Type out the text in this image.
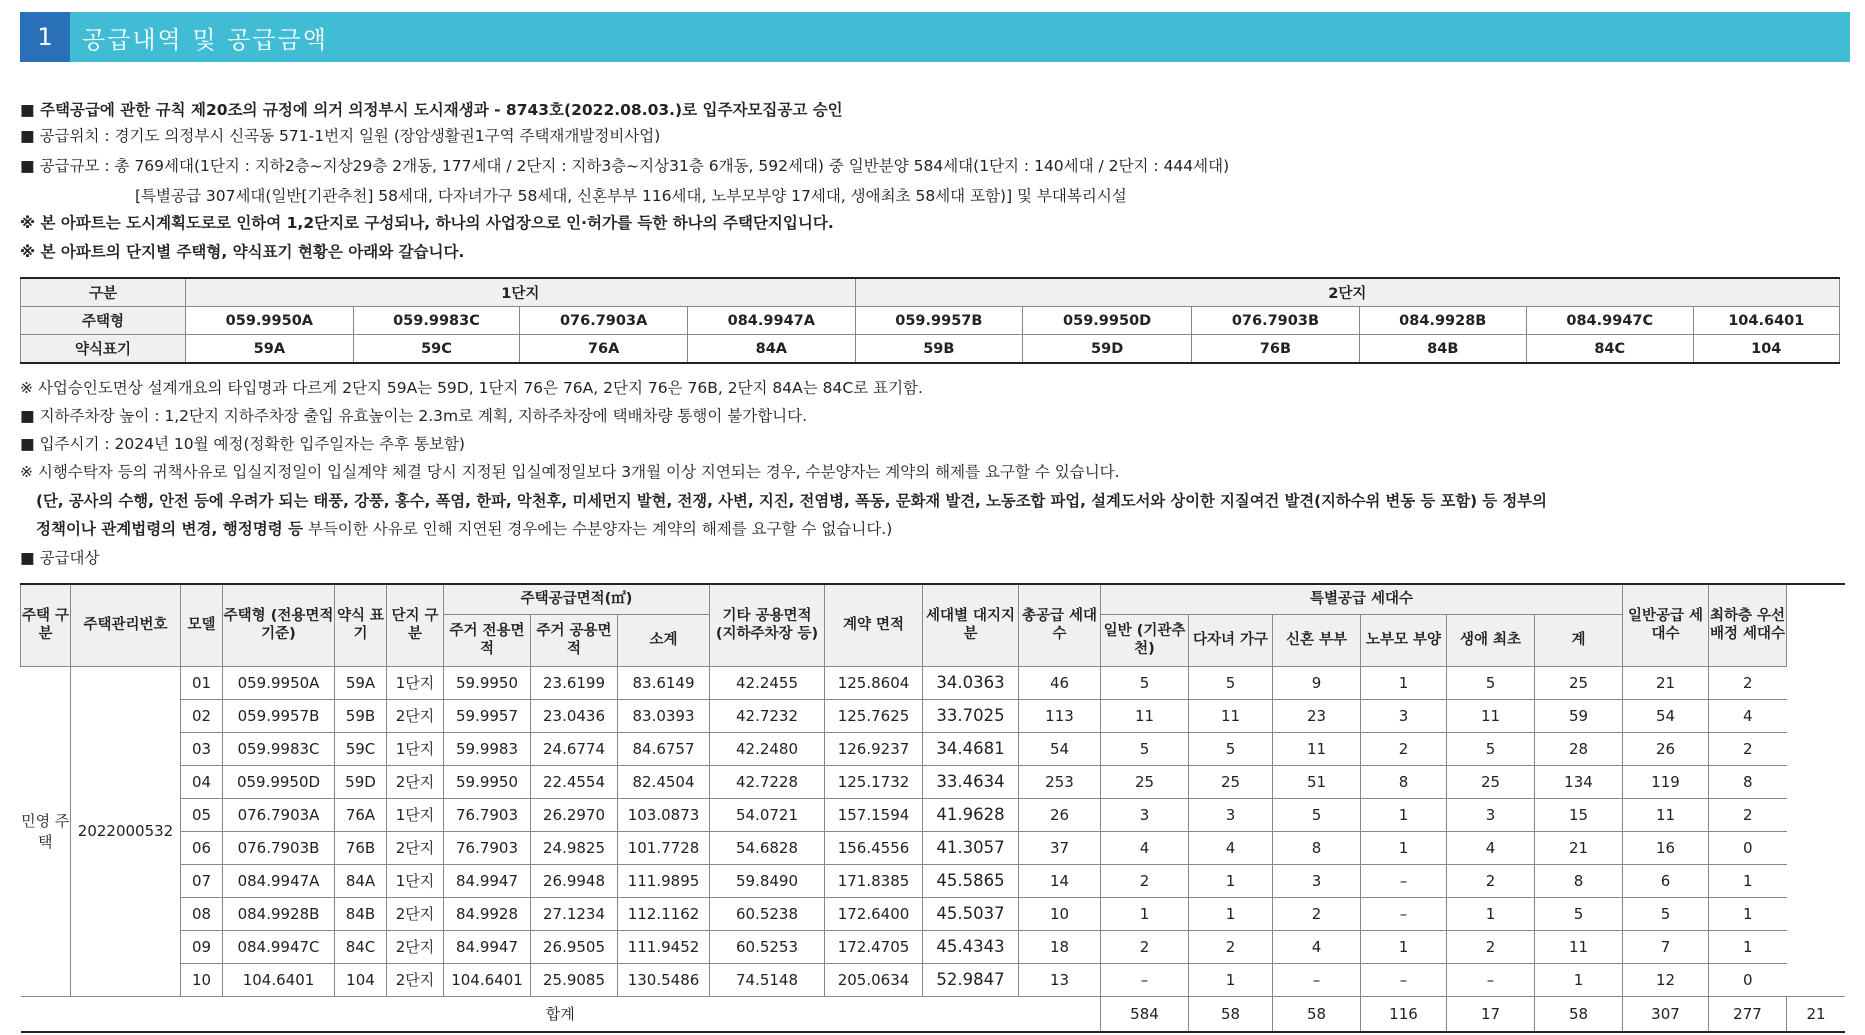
1	공급내역 및 공급금액
■ 주택공급에 관한 규칙 제20조의 규정에 의거 의정부시 도시재생과 - 8743호(2022.08.03.)로 입주자모집공고 승인
■ 공급위치 : 경기도 의정부시 신곡동 571-1번지 일원 (장암생활권1구역 주택재개발정비사업)
■ 공급규모 : 총 769세대(1단지 : 지하2층~지상29층 2개동, 177세대 / 2단지 : 지하3층~지상31층 6개동, 592세대) 중 일반분양 584세대(1단지 : 140세대 / 2단지 : 444세대)
[특별공급 307세대(일반[기관추천] 58세대, 다자녀가구 58세대, 신혼부부 116세대, 노부모부양 17세대, 생애최초 58세대 포함)] 및 부대복리시설
※ 본 아파트는 도시계획도로로 인하여 1,2단지로 구성되나, 하나의 사업장으로 인·허가를 득한 하나의 주택단지입니다.
※ 본 아파트의 단지별 주택형, 약식표기 현황은 아래와 갈습니다.
구분	1단지				2단지					
주택형	059.9950A	059.9983C	076.7903A	084.9947A	059.9957B	059.9950D	076.7903B	084.9928B	084.9947C	104.6401
약식표기	59A	59C	76A	84A	59B	59D	76B	84B	84C	104
※ 사업승인도면상 설계개요의 타입명과 다르게 2단지 59A는 59D, 1단지 76은 76A, 2단지 76은 76B, 2단지 84A는 84C로 표기함.
■ 지하주차장 높이 : 1,2단지 지하주차장 출입 유효높이는 2.3m로 계획, 지하주차장에 택배차량 통행이 불가합니다.
■ 입주시기 : 2024년 10월 예정(정확한 입주일자는 추후 통보함)
※ 시행수탁자 등의 귀책사유로 입실지정일이 입실계약 체결 당시 지정된 입실예정일보다 3개월 이상 지연되는 경우, 수분양자는 계약의 해제를 요구할 수 있습니다.
(단, 공사의 수행, 안전 등에 우려가 되는 태풍, 강풍, 홍수, 폭염, 한파, 악천후, 미세먼지 발현, 전쟁, 사변, 지진, 전염병, 폭동, 문화재 발견, 노동조합 파업, 설계도서와 상이한 지질여건 발견(지하수위 변동 등 포함) 등 정부의
정책이나 관계법령의 변경, 행정명령 등 부득이한 사유로 인해 지연된 경우에는 수분양자는 계약의 해제를 요구할 수 없습니다.)
■ 공급대상
주택 구분	주택관리번호	모델	주택형 (전용면적 기준)	약식 표기	단지 구분	주택공급면적(㎡)			기타 공용면적 (지하주차장 등)	계약 면적	세대별 대지지분	총공급 세대수	특별공급 세대수						일반공급 세대수	최하층 우선배정 세대수	
						주거 전용면적	주거 공용면적	소계					일반 (기관추천)	다자녀 가구	신혼 부부	노부모 부양	생애 최초	계			
민영 주택	2022000532	01	059.9950A	59A	1단지	59.9950	23.6199	83.6149	42.2455	125.8604	34.0363	46	5	5	9	1	5	25	21	2	
		02	059.9957B	59B	2단지	59.9957	23.0436	83.0393	42.7232	125.7625	33.7025	113	11	11	23	3	11	59	54	4	
		03	059.9983C	59C	1단지	59.9983	24.6774	84.6757	42.2480	126.9237	34.4681	54	5	5	11	2	5	28	26	2	
		04	059.9950D	59D	2단지	59.9950	22.4554	82.4504	42.7228	125.1732	33.4634	253	25	25	51	8	25	134	119	8	
		05	076.7903A	76A	1단지	76.7903	26.2970	103.0873	54.0721	157.1594	41.9628	26	3	3	5	1	3	15	11	2	
		06	076.7903B	76B	2단지	76.7903	24.9825	101.7728	54.6828	156.4556	41.3057	37	4	4	8	1	4	21	16	0	
		07	084.9947A	84A	1단지	84.9947	26.9948	111.9895	59.8490	171.8385	45.5865	14	2	1	3	–	2	8	6	1	
		08	084.9928B	84B	2단지	84.9928	27.1234	112.1162	60.5238	172.6400	45.5037	10	1	1	2	–	1	5	5	1	
		09	084.9947C	84C	2단지	84.9947	26.9505	111.9452	60.5253	172.4705	45.4343	18	2	2	4	1	2	11	7	1	
		10	104.6401	104	2단지	104.6401	25.9085	130.5486	74.5148	205.0634	52.9847	13	–	1	–	–	–	1	12	0	
합계													584	58	58	116	17	58	307	277	21
